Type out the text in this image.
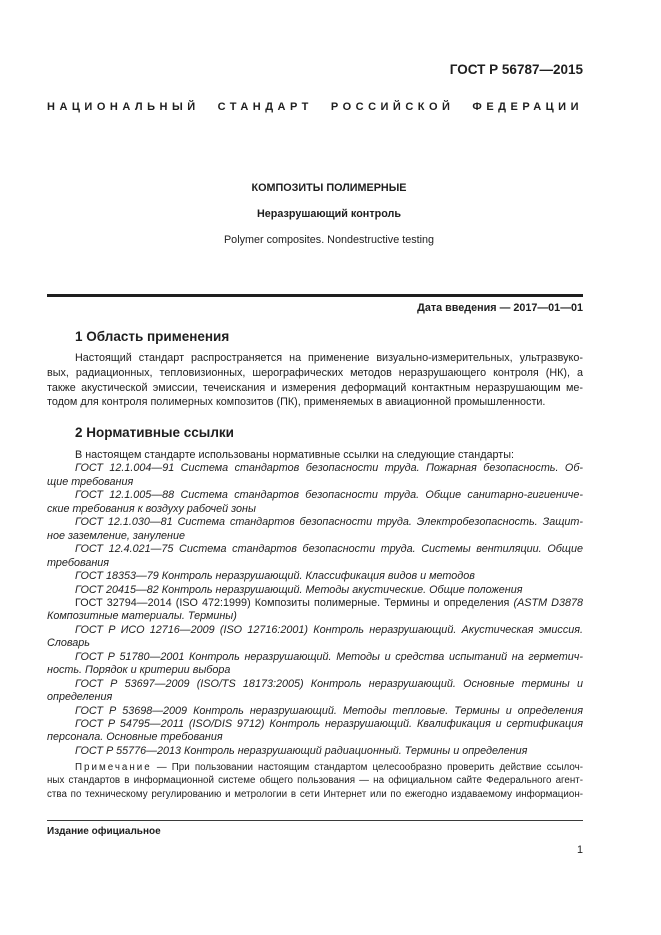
ГОСТ Р 56787—2015
НАЦИОНАЛЬНЫЙ СТАНДАРТ РОССИЙСКОЙ ФЕДЕРАЦИИ
КОМПОЗИТЫ ПОЛИМЕРНЫЕ
Неразрушающий контроль
Polymer composites. Nondestructive testing
Дата введения — 2017—01—01
1 Область применения
Настоящий стандарт распространяется на применение визуально-измерительных, ультразвуко-
вых, радиационных, тепловизионных, шерографических методов неразрушающего контроля (НК), а
также акустической эмиссии, течеискания и измерения деформаций контактным неразрушающим ме-
тодом для контроля полимерных композитов (ПК), применяемых в авиационной промышленности.
2 Нормативные ссылки
В настоящем стандарте использованы нормативные ссылки на следующие стандарты:
ГОСТ 12.1.004—91 Система стандартов безопасности труда. Пожарная безопасность. Об-
щие требования
ГОСТ 12.1.005—88 Система стандартов безопасности труда. Общие санитарно-гигиениче-
ские требования к воздуху рабочей зоны
ГОСТ 12.1.030—81 Система стандартов безопасности труда. Электробезопасность. Защит-
ное заземление, зануление
ГОСТ 12.4.021—75 Система стандартов безопасности труда. Системы вентиляции. Общие
требования
ГОСТ 18353—79 Контроль неразрушающий. Классификация видов и методов
ГОСТ 20415—82 Контроль неразрушающий. Методы акустические. Общие положения
ГОСТ 32794—2014 (ISO 472:1999) Композиты полимерные. Термины и определения (ASTM D3878
Композитные материалы. Термины)
ГОСТ Р ИСО 12716—2009 (ISO 12716:2001) Контроль неразрушающий. Акустическая эмиссия.
Словарь
ГОСТ Р 51780—2001 Контроль неразрушающий. Методы и средства испытаний на герметич-
ность. Порядок и критерии выбора
ГОСТ Р 53697—2009 (ISO/TS 18173:2005) Контроль неразрушающий. Основные термины и
определения
ГОСТ Р 53698—2009 Контроль неразрушающий. Методы тепловые. Термины и определения
ГОСТ Р 54795—2011 (ISO/DIS 9712) Контроль неразрушающий. Квалификация и сертификация
персонала. Основные требования
ГОСТ Р 55776—2013 Контроль неразрушающий радиационный. Термины и определения
Примечание — При пользовании настоящим стандартом целесообразно проверить действие ссылоч-
ных стандартов в информационной системе общего пользования — на официальном сайте Федерального агент-
ства по техническому регулированию и метрологии в сети Интернет или по ежегодно издаваемому информацион-
Издание официальное
1
